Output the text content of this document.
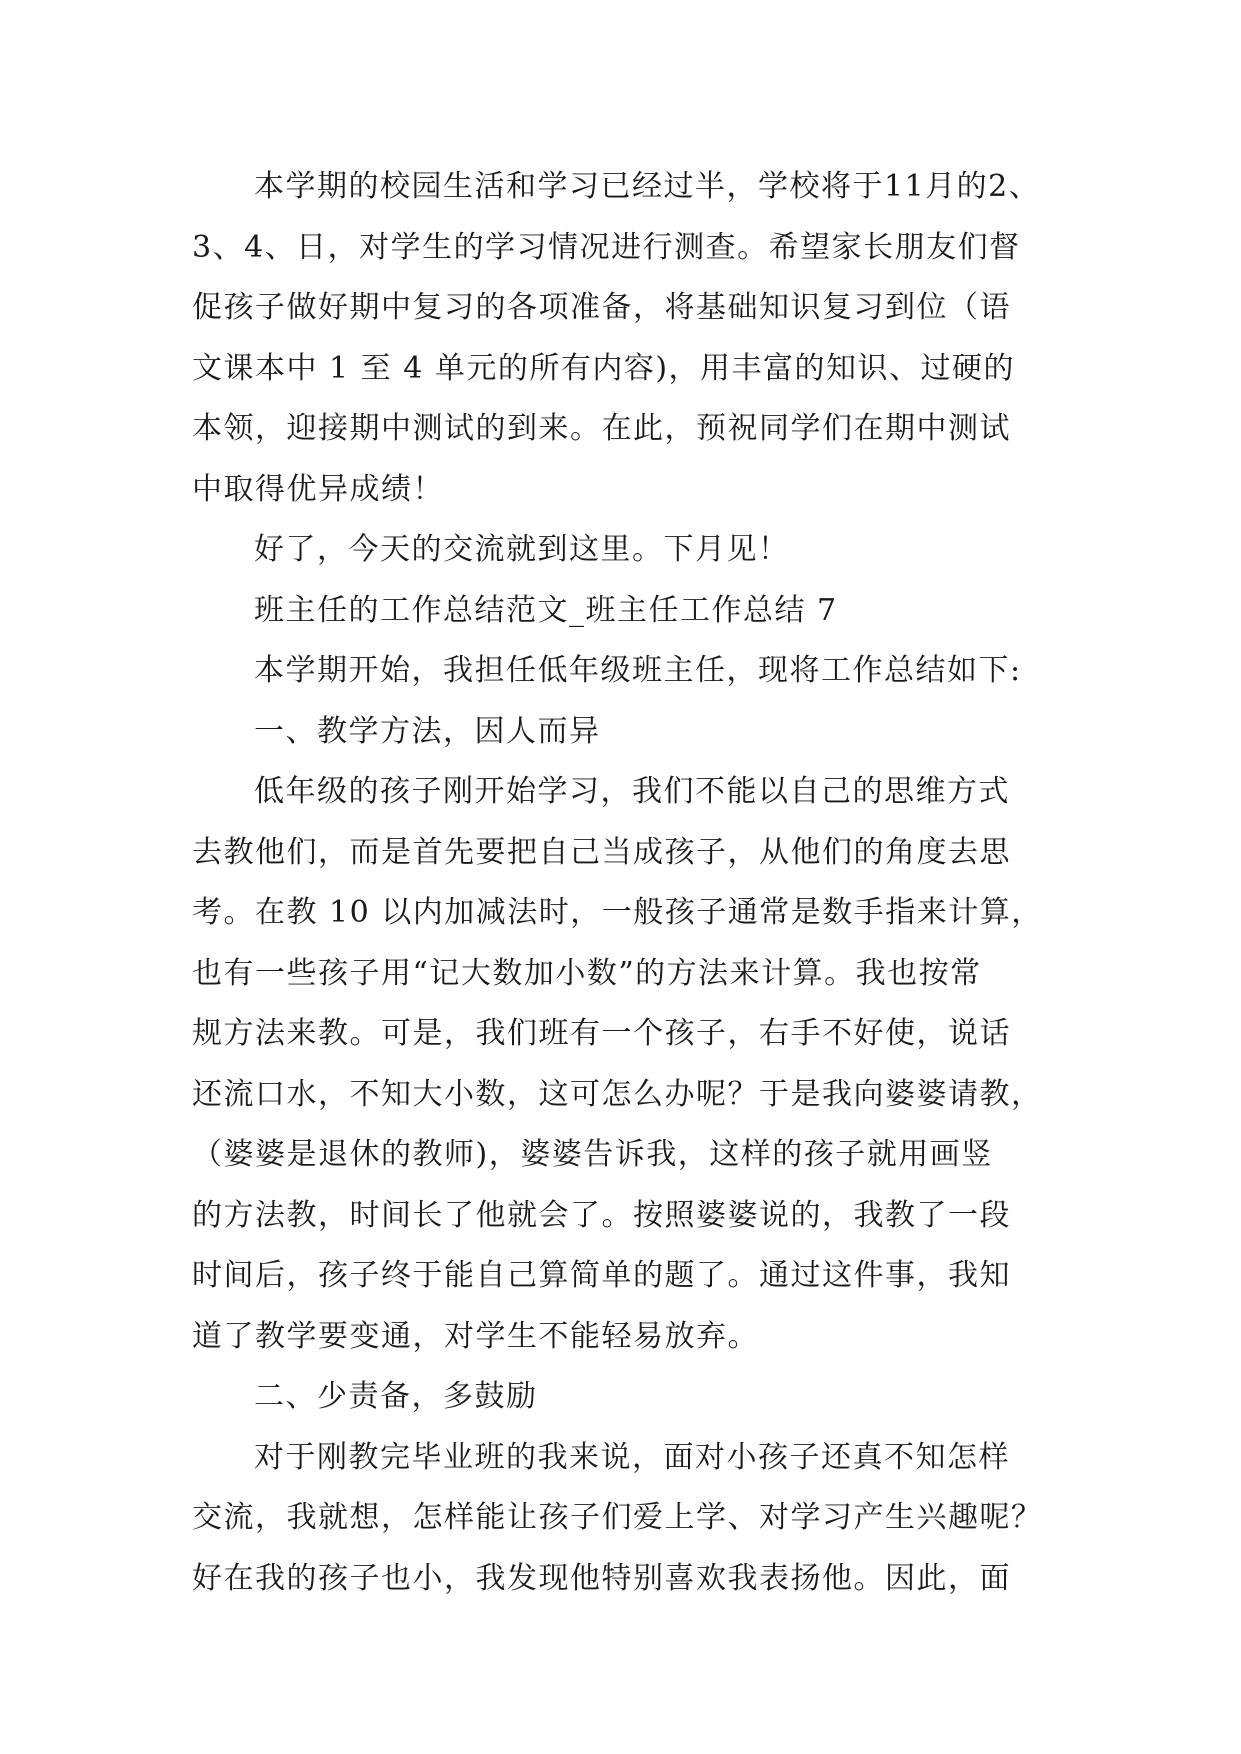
本学期的校园生活和学习已经过半，学校将于11月的2、
3、4、日，对学生的学习情况进行测查。希望家长朋友们督
促孩子做好期中复习的各项准备，将基础知识复习到位（语
文课本中 1 至 4 单元的所有内容)，用丰富的知识、过硬的
本领，迎接期中测试的到来。在此，预祝同学们在期中测试
中取得优异成绩！
好了，今天的交流就到这里。下月见！
班主任的工作总结范文_班主任工作总结 7
本学期开始，我担任低年级班主任，现将工作总结如下:
一、教学方法，因人而异
低年级的孩子刚开始学习，我们不能以自己的思维方式
去教他们，而是首先要把自己当成孩子，从他们的角度去思
考。在教 10 以内加减法时，一般孩子通常是数手指来计算，
也有一些孩子用“记大数加小数”的方法来计算。我也按常
规方法来教。可是，我们班有一个孩子，右手不好使，说话
还流口水，不知大小数，这可怎么办呢？于是我向婆婆请教，
（婆婆是退休的教师)，婆婆告诉我，这样的孩子就用画竖
的方法教，时间长了他就会了。按照婆婆说的，我教了一段
时间后，孩子终于能自己算简单的题了。通过这件事，我知
道了教学要变通，对学生不能轻易放弃。
二、少责备，多鼓励
对于刚教完毕业班的我来说，面对小孩子还真不知怎样
交流，我就想，怎样能让孩子们爱上学、对学习产生兴趣呢？
好在我的孩子也小，我发现他特别喜欢我表扬他。因此，面
